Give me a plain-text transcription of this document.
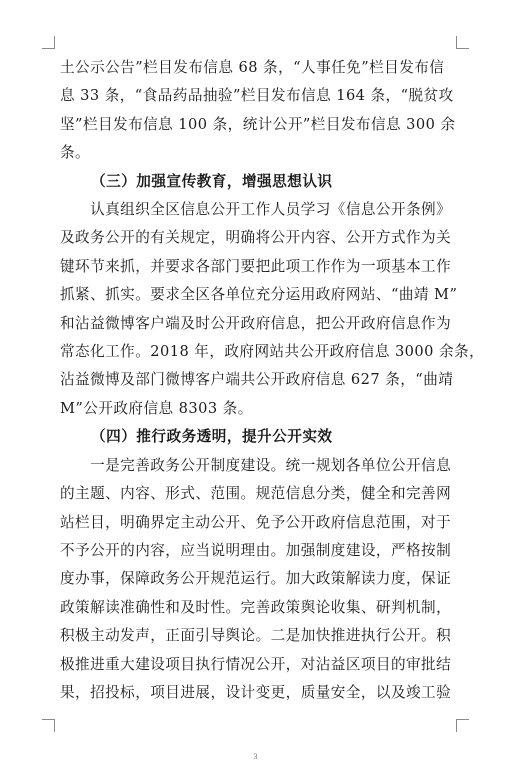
土公示公告”栏目发布信息 68 条，“人事任免”栏目发布信
息 33 条，“食品药品抽验”栏目发布信息 164 条，“脱贫攻
坚”栏目发布信息 100 条，统计公开”栏目发布信息 300 余
条。
（三）加强宣传教育，增强思想认识
　　认真组织全区信息公开工作人员学习《信息公开条例》
及政务公开的有关规定，明确将公开内容、公开方式作为关
键环节来抓，并要求各部门要把此项工作作为一项基本工作
抓紧、抓实。要求全区各单位充分运用政府网站、“曲靖 M”
和沾益微博客户端及时公开政府信息，把公开政府信息作为
常态化工作。2018 年，政府网站共公开政府信息 3000 余条，
沾益微博及部门微博客户端共公开政府信息 627 条，“曲靖
M”公开政府信息 8303 条。
（四）推行政务透明，提升公开实效
　　一是完善政务公开制度建设。统一规划各单位公开信息
的主题、内容、形式、范围。规范信息分类，健全和完善网
站栏目，明确界定主动公开、免予公开政府信息范围，对于
不予公开的内容，应当说明理由。加强制度建设，严格按制
度办事，保障政务公开规范运行。加大政策解读力度，保证
政策解读准确性和及时性。完善政策舆论收集、研判机制，
积极主动发声，正面引导舆论。二是加快推进执行公开。积
极推进重大建设项目执行情况公开，对沾益区项目的审批结
果，招投标，项目进展，设计变更，质量安全，以及竣工验
3
